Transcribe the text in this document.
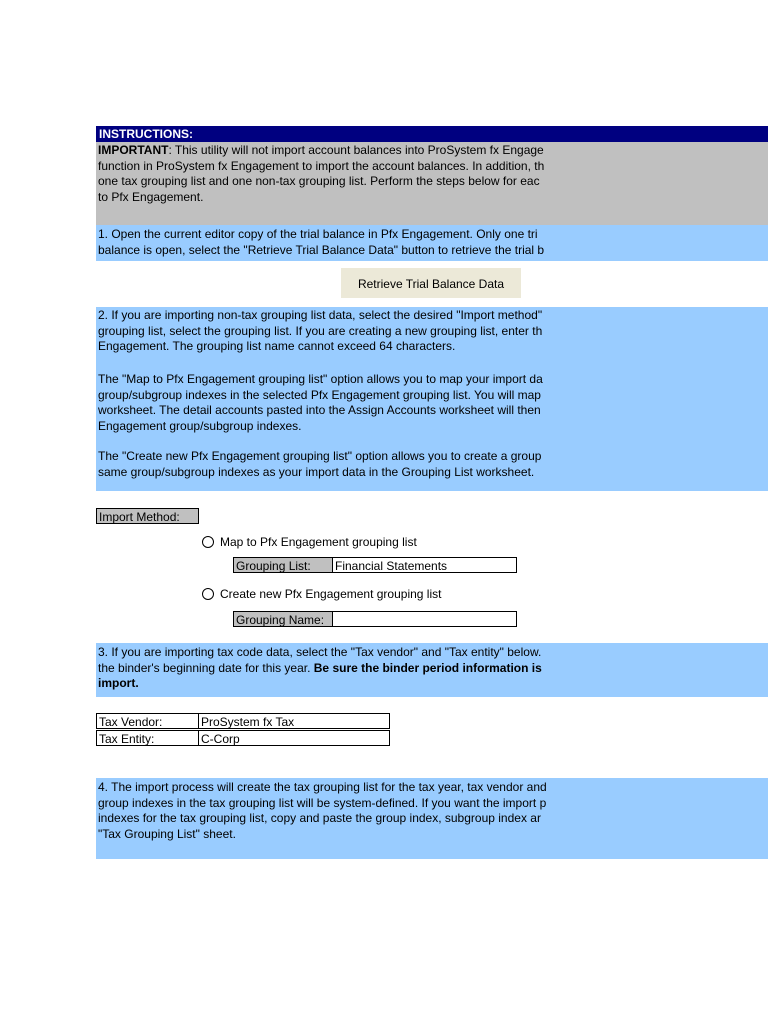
INSTRUCTIONS:

IMPORTANT: This utility will not import account balances into ProSystem fx Engage

function in ProSystem fx Engagement to import the account balances. In addition, th

one tax grouping list and one non-tax grouping list. Perform the steps below for eac

to Pfx Engagement.

1. Open the current editor copy of the trial balance in Pfx Engagement. Only one tri

balance is open, select the "Retrieve Trial Balance Data" button to retrieve the trial b

Retrieve Trial Balance Data

2. If you are importing non-tax grouping list data, select the desired "Import method"

grouping list, select the grouping list. If you are creating a new grouping list, enter th

Engagement. The grouping list name cannot exceed 64 characters.

The "Map to Pfx Engagement grouping list" option allows you to map your import da

group/subgroup indexes in the selected Pfx Engagement grouping list. You will map

worksheet. The detail accounts pasted into the Assign Accounts worksheet will then

Engagement group/subgroup indexes.

The "Create new Pfx Engagement grouping list" option allows you to create a group

same group/subgroup indexes as your import data in the Grouping List worksheet.

Import Method:
Map to Pfx Engagement grouping list
Grouping List:	Financial Statements
Create new Pfx Engagement grouping list
Grouping Name:

3. If you are importing tax code data, select the "Tax vendor" and "Tax entity" below.

the binder's beginning date for this year. Be sure the binder period information is

import.

Tax Vendor:	ProSystem fx Tax
Tax Entity:	C-Corp

4. The import process will create the tax grouping list for the tax year, tax vendor and

group indexes in the tax grouping list will be system-defined. If you want the import p

indexes for the tax grouping list, copy and paste the group index, subgroup index ar

"Tax Grouping List" sheet.
